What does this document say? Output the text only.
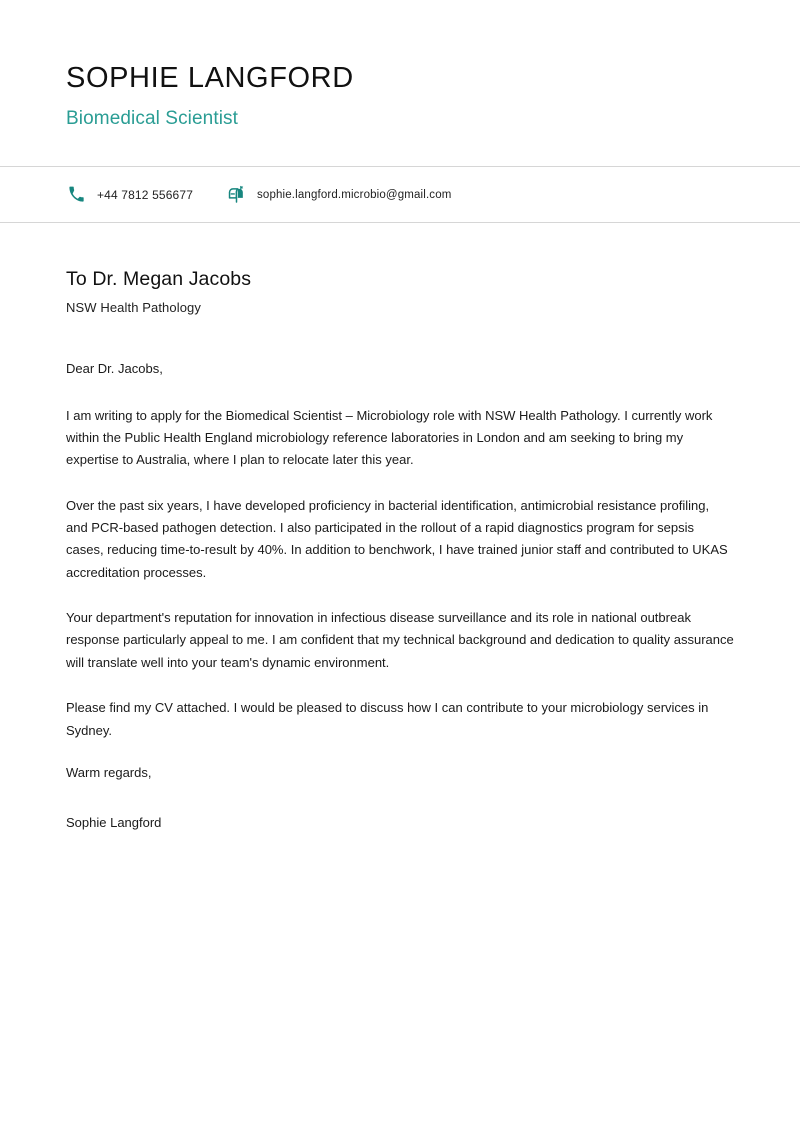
SOPHIE LANGFORD
Biomedical Scientist
+44 7812 556677	sophie.langford.microbio@gmail.com
To Dr. Megan Jacobs
NSW Health Pathology
Dear Dr. Jacobs,

I am writing to apply for the Biomedical Scientist – Microbiology role with NSW Health Pathology. I currently work within the Public Health England microbiology reference laboratories in London and am seeking to bring my expertise to Australia, where I plan to relocate later this year.

Over the past six years, I have developed proficiency in bacterial identification, antimicrobial resistance profiling, and PCR-based pathogen detection. I also participated in the rollout of a rapid diagnostics program for sepsis cases, reducing time-to-result by 40%. In addition to benchwork, I have trained junior staff and contributed to UKAS accreditation processes.

Your department's reputation for innovation in infectious disease surveillance and its role in national outbreak response particularly appeal to me. I am confident that my technical background and dedication to quality assurance will translate well into your team's dynamic environment.

Please find my CV attached. I would be pleased to discuss how I can contribute to your microbiology services in Sydney.

Warm regards,
Sophie Langford
